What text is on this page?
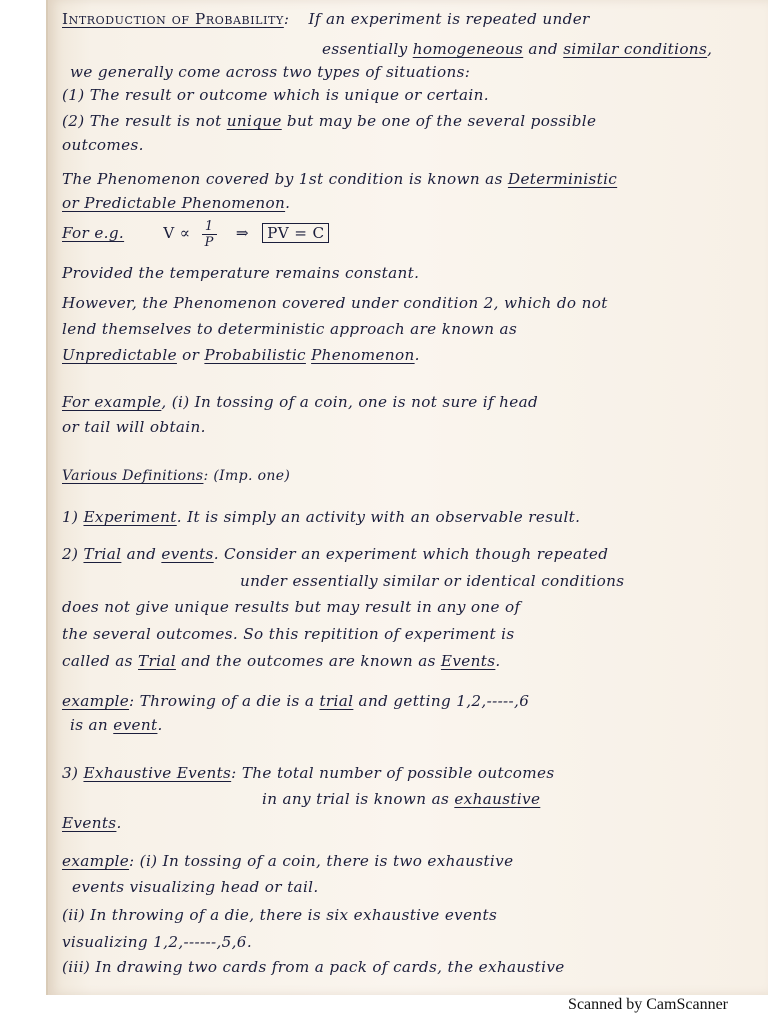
Introduction of Probability: If an experiment is repeated under
essentially homogeneous and similar conditions,
we generally come across two types of situations:
(1) The result or outcome which is unique or certain.
(2) The result is not unique but may be one of the several possible
outcomes.
The Phenomenon covered by 1st condition is known as Deterministic
or Predictable Phenomenon.
For e.g.	$V \propto \frac{1}{P}$ ⇒ PV = C
Provided the temperature remains constant.
However, the Phenomenon covered under condition 2, which do not
lend themselves to deterministic approach are known as
Unpredictable or Probabilistic Phenomenon.
For example, (i) In tossing of a coin, one is not sure if head
or tail will obtain.
Various Definitions: (Imp. one)
1) Experiment. It is simply an activity with an observable result.
2) Trial and events. Consider an experiment which though repeated
under essentially similar or identical conditions
does not give unique results but may result in any one of
the several outcomes. So this repitition of experiment is
called as Trial and the outcomes are known as Events.
example: Throwing of a die is a trial and getting 1,2,-----,6
is an event.
3) Exhaustive Events: The total number of possible outcomes
in any trial is known as exhaustive
Events.
example: (i) In tossing of a coin, there is two exhaustive
events visualizing head or tail.
(ii) In throwing of a die, there is six exhaustive events
visualizing 1,2,------,5,6.
(iii) In drawing two cards from a pack of cards, the exhaustive
Scanned by CamScanner
